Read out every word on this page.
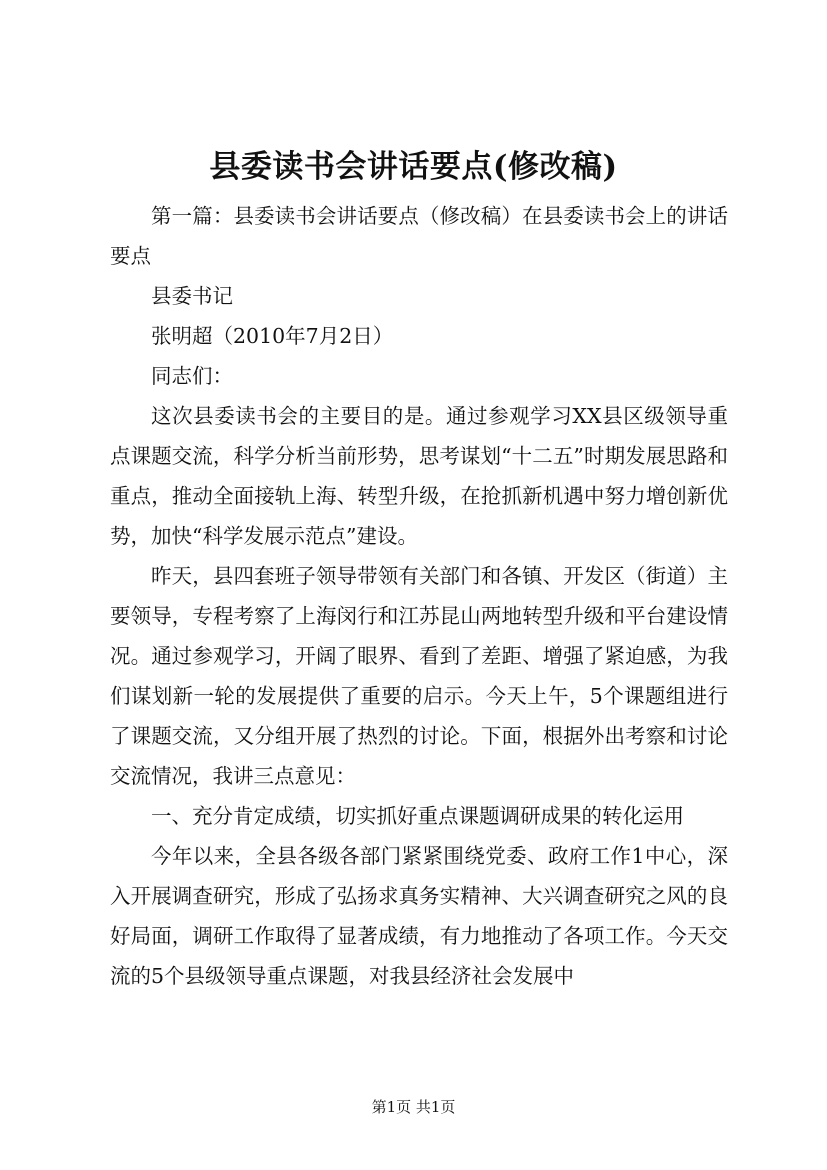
县委读书会讲话要点(修改稿)

第一篇：县委读书会讲话要点（修改稿）在县委读书会上的讲话要点

县委书记

张明超（2010年7月2日）

同志们：

这次县委读书会的主要目的是。通过参观学习XX县区级领导重点课题交流，科学分析当前形势，思考谋划“十二五”时期发展思路和重点，推动全面接轨上海、转型升级，在抢抓新机遇中努力增创新优势，加快“科学发展示范点”建设。

昨天，县四套班子领导带领有关部门和各镇、开发区（街道）主要领导，专程考察了上海闵行和江苏昆山两地转型升级和平台建设情况。通过参观学习，开阔了眼界、看到了差距、增强了紧迫感，为我们谋划新一轮的发展提供了重要的启示。今天上午，5个课题组进行了课题交流，又分组开展了热烈的讨论。下面，根据外出考察和讨论交流情况，我讲三点意见：

一、充分肯定成绩，切实抓好重点课题调研成果的转化运用

今年以来，全县各级各部门紧紧围绕党委、政府工作1中心，深入开展调查研究，形成了弘扬求真务实精神、大兴调查研究之风的良好局面，调研工作取得了显著成绩，有力地推动了各项工作。今天交流的5个县级领导重点课题，对我县经济社会发展中

第1页 共1页
